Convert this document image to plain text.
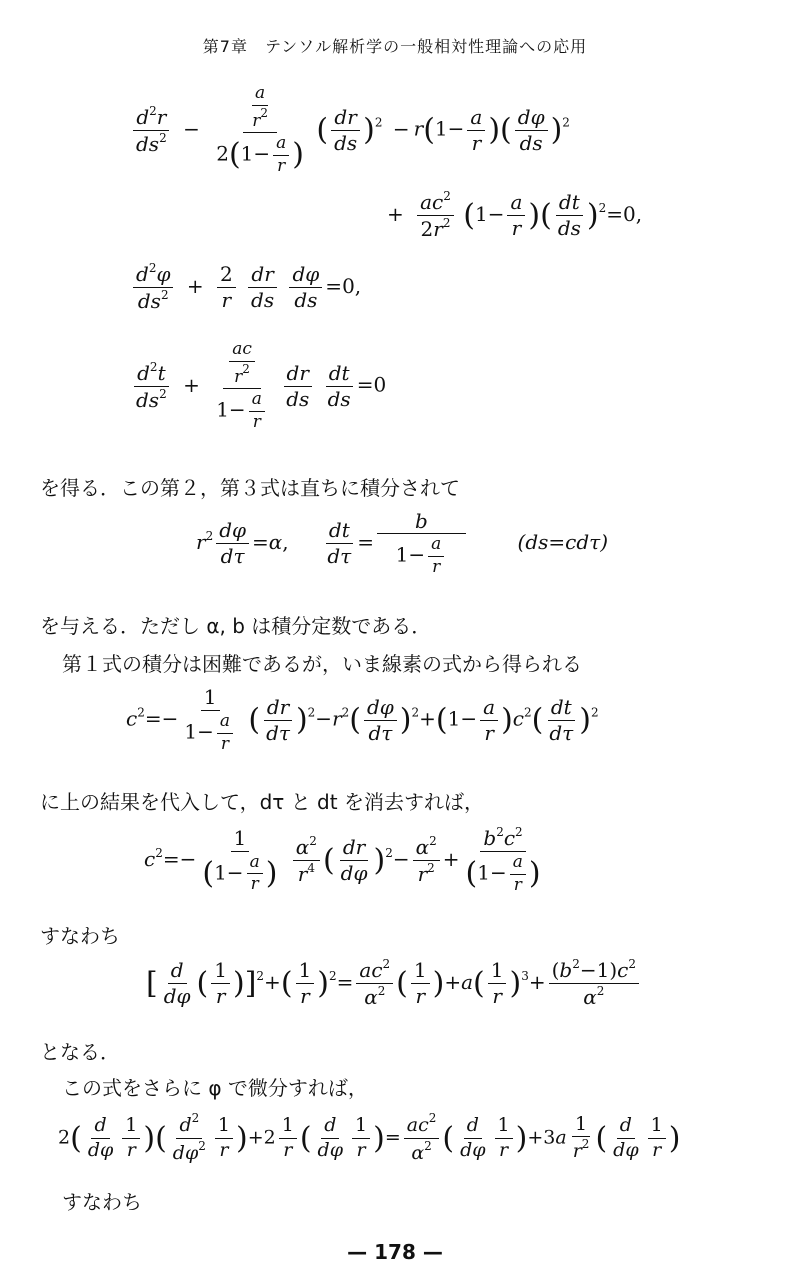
第7章　テンソル解析学の一般相対性理論への応用
$\frac{d^2r}{ds^2} - \frac{\frac{a}{r^2}}{2(1- \frac{a}{r} )}$ ( $\frac{dr}{ds} )^2 - r(1- \frac{a}{r}$ )( $\frac{d\varphi}{ds} )^2$
+ $\frac{ac^2}{2r^2} (1- \frac{a}{r}$ )( $\frac{dt}{ds} )^2=0$,
$\frac{d^2\varphi}{ds^2} + \frac{2}{r}$
$\frac{dr}{ds}$
$\frac{d\varphi}{ds} =0$,
$\frac{d^2t}{ds^2} + \frac{\frac{ac}{r^2}}{1- \frac{a}{r}}$
$\frac{dr}{ds}$
$\frac{dt}{ds} =0$
を得る．この第２，第３式は直ちに積分されて
$r^2 \frac{d\varphi}{d\tau} =\alpha$, $\frac{dt}{d\tau} = \frac{b}{1- \frac{a}{r}}$	(ds=cdτ)
を与える．ただし α, b は積分定数である．
第１式の積分は困難であるが，いま線素の式から得られる
$c^2=- \frac{1}{1- \frac{a}{r}}$ ( $\frac{dr}{d\tau} )^2-r^2( \frac{d\varphi}{d\tau} )^2+(1- \frac{a}{r} )c^2( \frac{dt}{d\tau} )^2$
に上の結果を代入して，dτ と dt を消去すれば，
$c^2=- \frac{1}{(1- \frac{a}{r} )}$
$\frac{\alpha^2}{r^4}$ ( $\frac{dr}{d\varphi} )^2- \frac{\alpha^2}{r^2} + \frac{b^2c^2}{(1- \frac{a}{r} )}$
すなわち
[ $\frac{d}{d\varphi}$ ( $\frac{1}{r} )]^2+( \frac{1}{r} )^2= \frac{ac^2}{\alpha^2}$ ( $\frac{1}{r} )+a( \frac{1}{r} )^3+ \frac{(b^2-1)c^2}{\alpha^2}$
となる．
この式をさらに φ で微分すれば，
$2( \frac{d}{d\varphi} \frac{1}{r}$ )( $\frac{d^2}{d\varphi^2} \frac{1}{r} )+2 \frac{1}{r}$ ( $\frac{d}{d\varphi} \frac{1}{r}$ )= $\frac{ac^2}{\alpha^2}$ ( $\frac{d}{d\varphi} \frac{1}{r} )+3a \frac{1}{r^2}$ ( $\frac{d}{d\varphi} \frac{1}{r}$ )
すなわち
— 178 —
